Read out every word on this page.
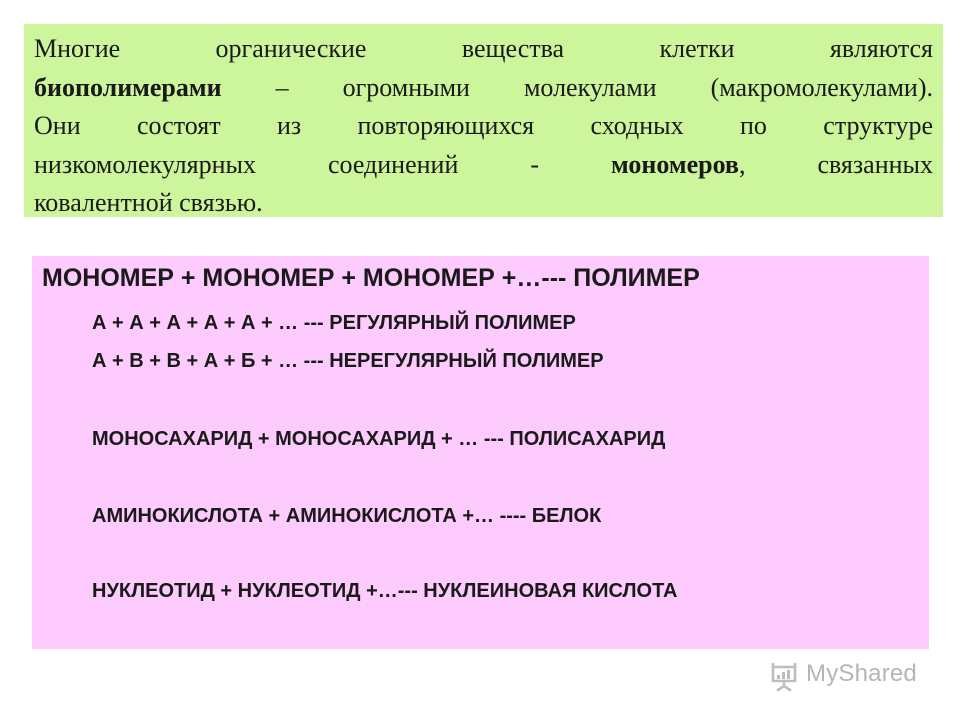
Многие органические вещества клетки являются
биополимерами – огромными молекулами (макромолекулами).
Они состоят из повторяющихся сходных по структуре
низкомолекулярных соединений - мономеров, связанных
ковалентной связью.
МОНОМЕР + МОНОМЕР + МОНОМЕР +…--- ПОЛИМЕР
А + А + А + А + А + … --- РЕГУЛЯРНЫЙ ПОЛИМЕР
А + В + В + А + Б + … --- НЕРЕГУЛЯРНЫЙ ПОЛИМЕР
МОНОСАХАРИД + МОНОСАХАРИД + … --- ПОЛИСАХАРИД
АМИНОКИСЛОТА + АМИНОКИСЛОТА +… ---- БЕЛОК
НУКЛЕОТИД + НУКЛЕОТИД +…--- НУКЛЕИНОВАЯ КИСЛОТА
MyShared
